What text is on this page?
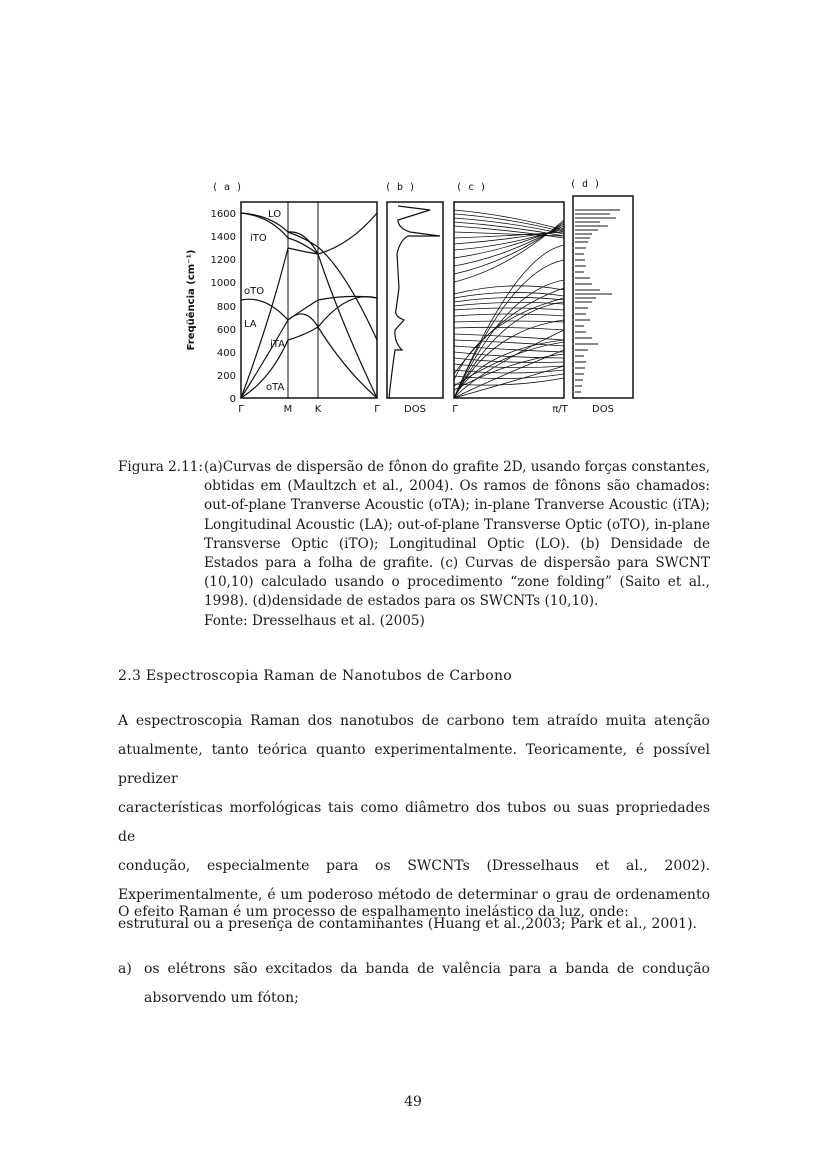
( a )	( b )	( c )	( d )
Freqüência (cm⁻¹)
0
200
400
600
800
1000
1200
1400
1600	LO
iTO
oTO
LA
iTA
oTA
Γ	M K	Γ DOS	Γ	π/T DOS
Figura 2.11: (a)Curvas de dispersão de fônon do grafite 2D, usando forças constantes, obtidas em (Maultzch et al., 2004). Os ramos de fônons são chamados: out-of-plane Tranverse Acoustic (oTA); in-plane Tranverse Acoustic (iTA); Longitudinal Acoustic (LA); out-of-plane Transverse Optic (oTO), in-plane Transverse Optic (iTO); Longitudinal Optic (LO). (b) Densidade de Estados para a folha de grafite. (c) Curvas de dispersão para SWCNT (10,10) calculado usando o procedimento “zone folding” (Saito et al., 1998). (d)densidade de estados para os SWCNTs (10,10).
Fonte: Dresselhaus et al. (2005)
2.3 Espectroscopia Raman de Nanotubos de Carbono
A espectroscopia Raman dos nanotubos de carbono tem atraído muita atenção
atualmente, tanto teórica quanto experimentalmente. Teoricamente, é possível predizer
características morfológicas tais como diâmetro dos tubos ou suas propriedades de
condução, especialmente para os SWCNTs (Dresselhaus et al., 2002).
Experimentalmente, é um poderoso método de determinar o grau de ordenamento
estrutural ou a presença de contaminantes (Huang et al.,2003; Park et al., 2001).
O efeito Raman é um processo de espalhamento inelástico da luz, onde:
a) os elétrons são excitados da banda de valência para a banda de condução
absorvendo um fóton;
49
